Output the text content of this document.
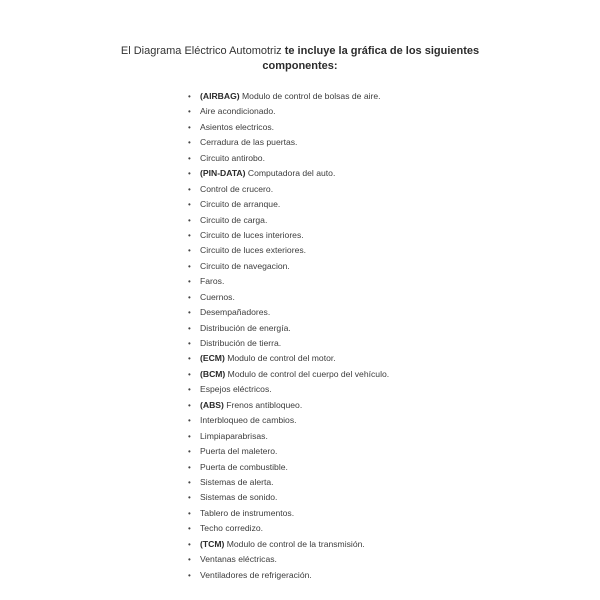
El Diagrama Eléctrico Automotriz te incluye la gráfica de los siguientes componentes:
• (AIRBAG) Modulo de control de bolsas de aire.
• Aire acondicionado.
• Asientos electricos.
• Cerradura de las puertas.
• Circuito antirobo.
• (PIN-DATA) Computadora del auto.
• Control de crucero.
• Circuito de arranque.
• Circuito de carga.
• Circuito de luces interiores.
• Circuito de luces exteriores.
• Circuito de navegacion.
• Faros.
• Cuernos.
• Desempañadores.
• Distribución de energía.
• Distribución de tierra.
• (ECM) Modulo de control del motor.
• (BCM) Modulo de control del cuerpo del vehículo.
• Espejos eléctricos.
• (ABS) Frenos antibloqueo.
• Interbloqueo de cambios.
• Limpiaparabrisas.
• Puerta del maletero.
• Puerta de combustible.
• Sistemas de alerta.
• Sistemas de sonido.
• Tablero de instrumentos.
• Techo corredizo.
• (TCM) Modulo de control de la transmisión.
• Ventanas eléctricas.
• Ventiladores de refrigeración.
